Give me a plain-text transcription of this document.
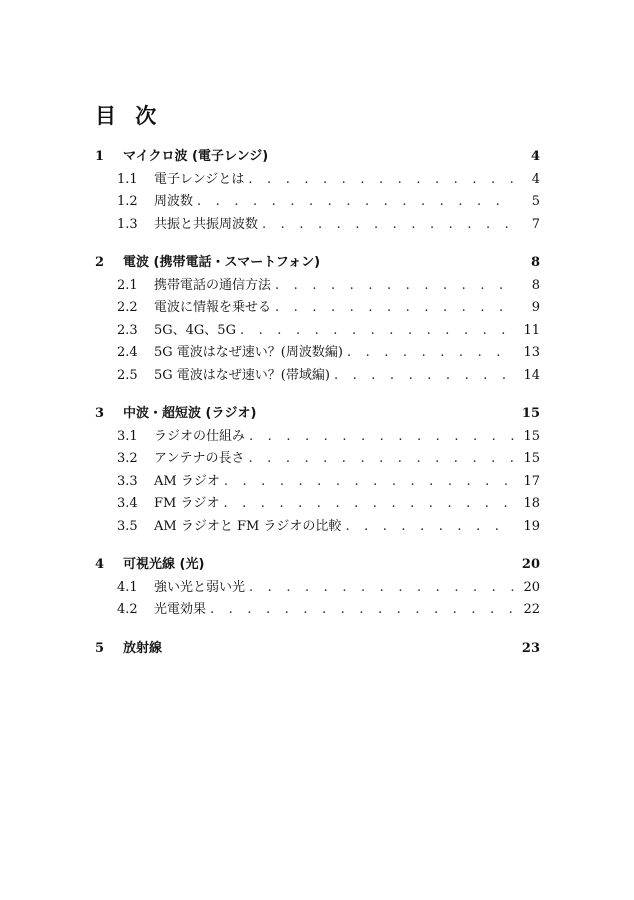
目 次
1	マイクロ波 (電子レンジ)	4
1.1	電子レンジとは . . .	4
1.2	周波数 . . .	5
1.3	共振と共振周波数 . . .	7
2	電波 (携帯電話・スマートフォン)	8
2.1	携帯電話の通信方法 . . .	8
2.2	電波に情報を乗せる . . .	9
2.3	5G、4G、5G . . .	11
2.4	5G 電波はなぜ速い？(周波数編) . . .	13
2.5	5G 電波はなぜ速い？(帯域編) . . .	14
3	中波・超短波 (ラジオ)	15
3.1	ラジオの仕組み . . .	15
3.2	アンテナの長さ . . .	15
3.3	AM ラジオ . . .	17
3.4	FM ラジオ . . .	18
3.5	AM ラジオと FM ラジオの比較 . . .	19
4	可視光線 (光)	20
4.1	強い光と弱い光 . . .	20
4.2	光電効果 . . .	22
5	放射線	23
